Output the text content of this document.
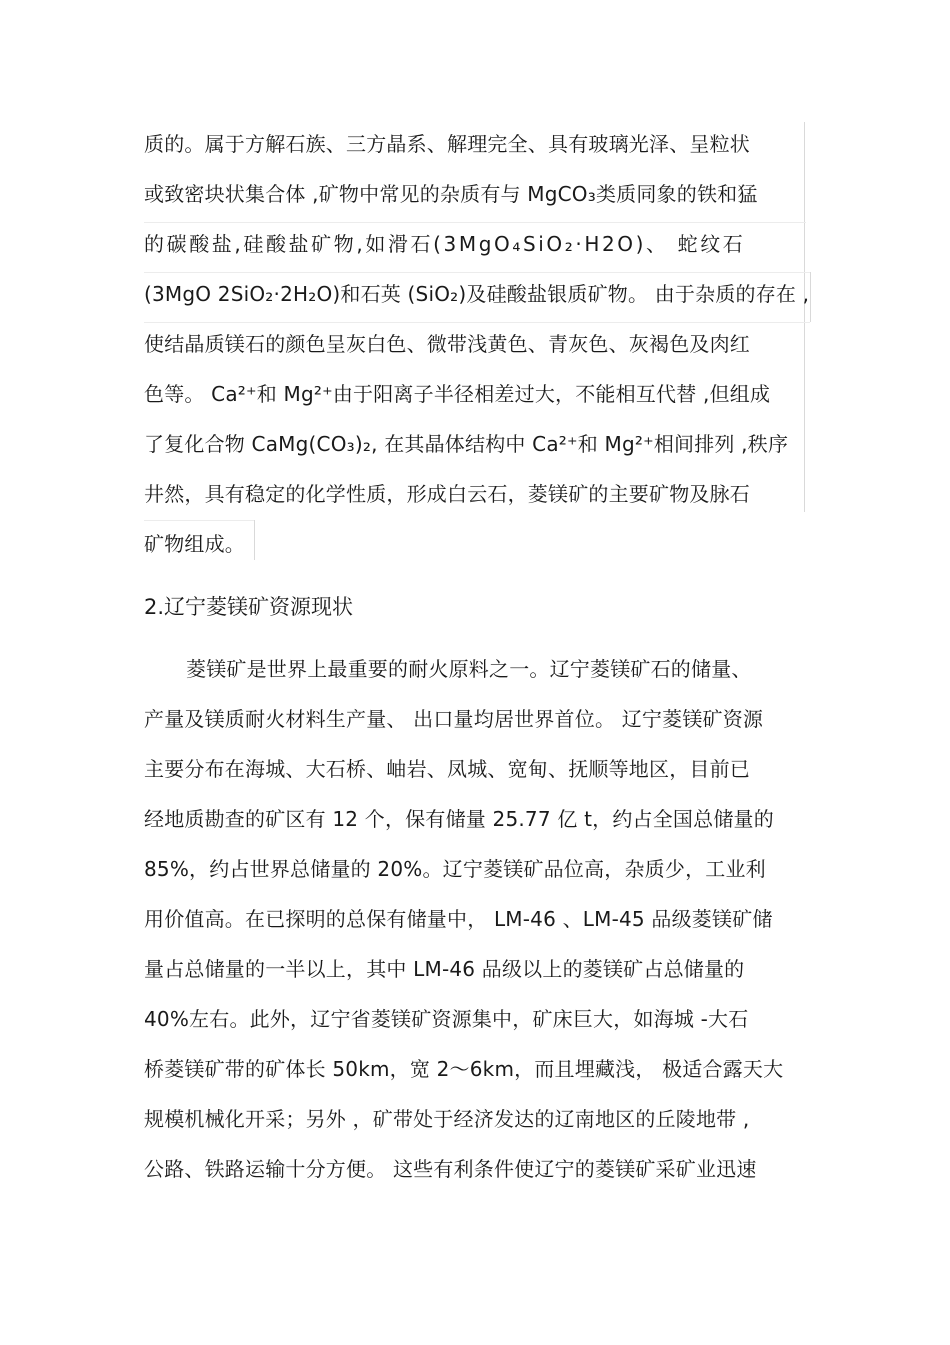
质的。属于方解石族、三方晶系、解理完全、具有玻璃光泽、呈粒状
或致密块状集合体 ,矿物中常见的杂质有与 MgCO₃类质同象的铁和猛
的碳酸盐,硅酸盐矿物,如滑石(3MgO₄SiO₂·H2O)、 蛇纹石
(3MgO 2SiO₂·2H₂O)和石英 (SiO₂)及硅酸盐银质矿物。 由于杂质的存在 ,
使结晶质镁石的颜色呈灰白色、微带浅黄色、青灰色、灰褐色及肉红
色等。 Ca²⁺和 Mg²⁺由于阳离子半径相差过大，不能相互代替 ,但组成
了复化合物 CaMg(CO₃)₂, 在其晶体结构中 Ca²⁺和 Mg²⁺相间排列 ,秩序
井然，具有稳定的化学性质，形成白云石，菱镁矿的主要矿物及脉石
矿物组成。
2.辽宁菱镁矿资源现状
菱镁矿是世界上最重要的耐火原料之一。辽宁菱镁矿石的储量、
产量及镁质耐火材料生产量、 出口量均居世界首位。 辽宁菱镁矿资源
主要分布在海城、大石桥、岫岩、凤城、宽甸、抚顺等地区，目前已
经地质勘查的矿区有 12 个，保有储量 25.77 亿 t，约占全国总储量的
85%，约占世界总储量的 20%。辽宁菱镁矿品位高，杂质少，工业利
用价值高。在已探明的总保有储量中， LM-46 、LM-45 品级菱镁矿储
量占总储量的一半以上，其中 LM-46 品级以上的菱镁矿占总储量的
40%左右。此外，辽宁省菱镁矿资源集中，矿床巨大，如海城 -大石
桥菱镁矿带的矿体长 50km，宽 2～6km，而且埋藏浅， 极适合露天大
规模机械化开采；另外 ，矿带处于经济发达的辽南地区的丘陵地带 ,
公路、铁路运输十分方便。 这些有利条件使辽宁的菱镁矿采矿业迅速
